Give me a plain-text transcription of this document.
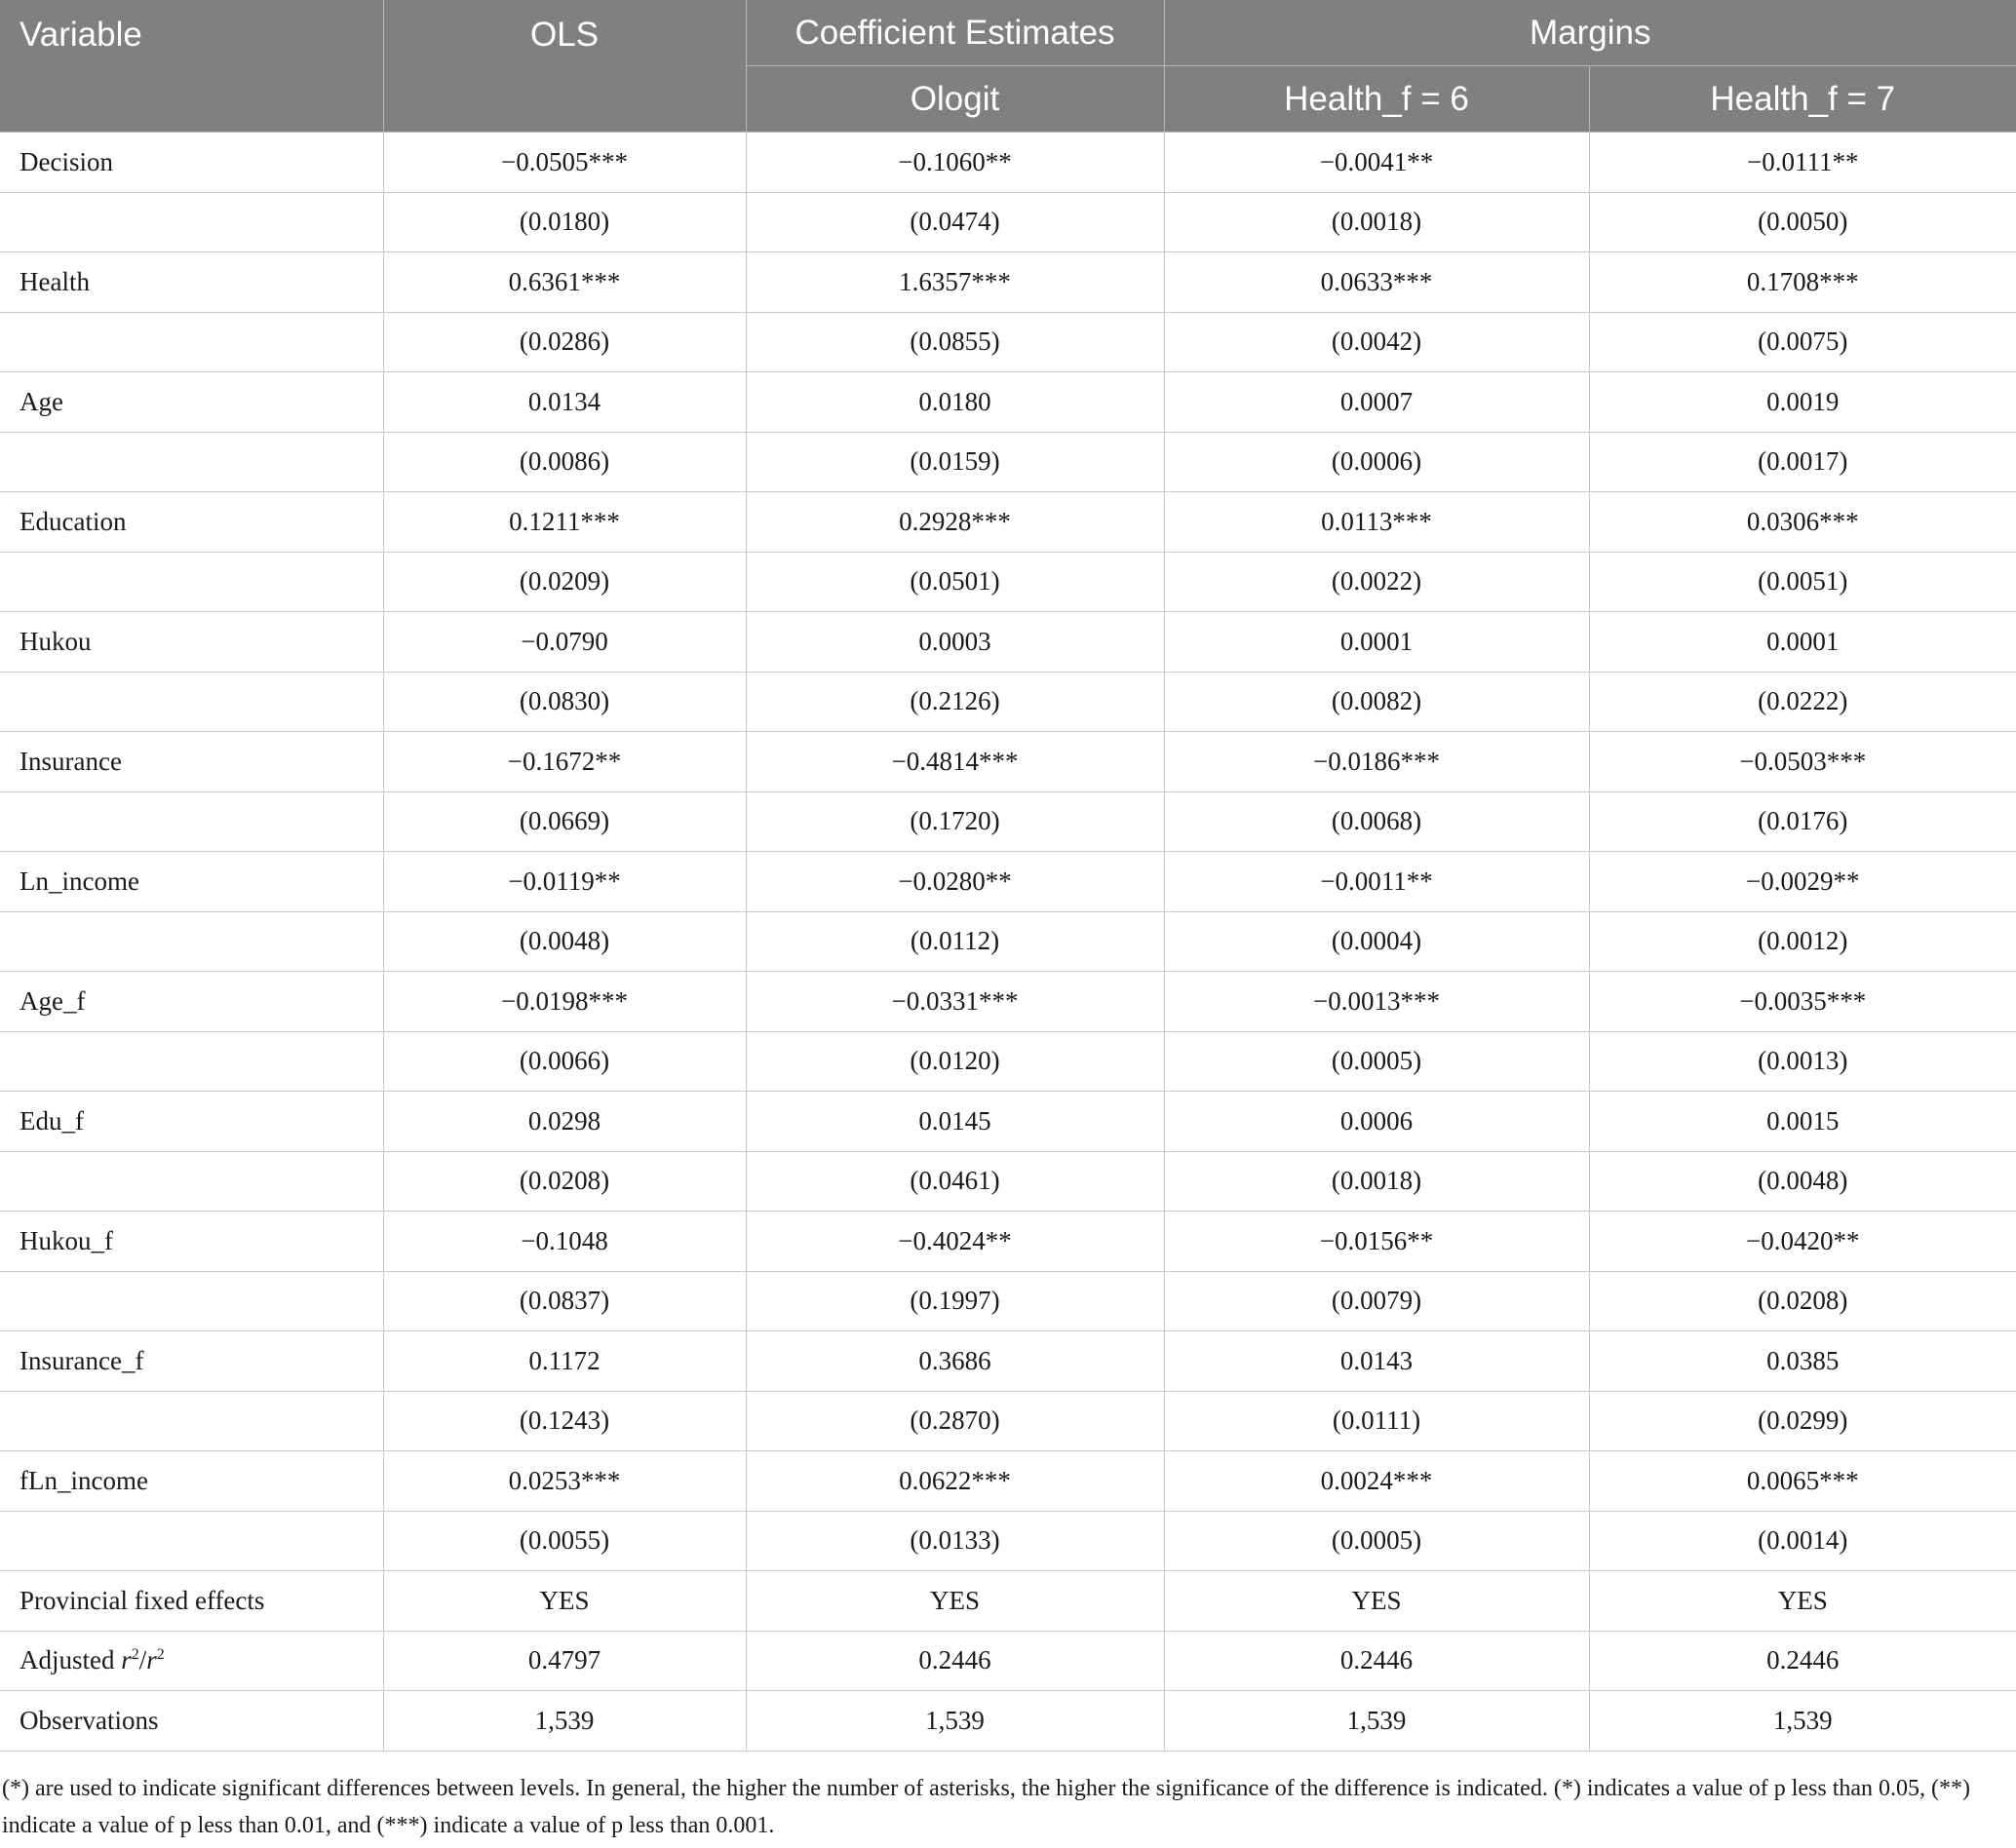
Variable	OLS	Coefficient Estimates	Margins	
		Ologit	Health_f = 6	Health_f = 7
Decision	−0.0505***	−0.1060**	−0.0041**	−0.0111**
	(0.0180)	(0.0474)	(0.0018)	(0.0050)
Health	0.6361***	1.6357***	0.0633***	0.1708***
	(0.0286)	(0.0855)	(0.0042)	(0.0075)
Age	0.0134	0.0180	0.0007	0.0019
	(0.0086)	(0.0159)	(0.0006)	(0.0017)
Education	0.1211***	0.2928***	0.0113***	0.0306***
	(0.0209)	(0.0501)	(0.0022)	(0.0051)
Hukou	−0.0790	0.0003	0.0001	0.0001
	(0.0830)	(0.2126)	(0.0082)	(0.0222)
Insurance	−0.1672**	−0.4814***	−0.0186***	−0.0503***
	(0.0669)	(0.1720)	(0.0068)	(0.0176)
Ln_income	−0.0119**	−0.0280**	−0.0011**	−0.0029**
	(0.0048)	(0.0112)	(0.0004)	(0.0012)
Age_f	−0.0198***	−0.0331***	−0.0013***	−0.0035***
	(0.0066)	(0.0120)	(0.0005)	(0.0013)
Edu_f	0.0298	0.0145	0.0006	0.0015
	(0.0208)	(0.0461)	(0.0018)	(0.0048)
Hukou_f	−0.1048	−0.4024**	−0.0156**	−0.0420**
	(0.0837)	(0.1997)	(0.0079)	(0.0208)
Insurance_f	0.1172	0.3686	0.0143	0.0385
	(0.1243)	(0.2870)	(0.0111)	(0.0299)
fLn_income	0.0253***	0.0622***	0.0024***	0.0065***
	(0.0055)	(0.0133)	(0.0005)	(0.0014)
Provincial fixed effects	YES	YES	YES	YES
Adjusted $r^2/r^2$	0.4797	0.2446	0.2446	0.2446
Observations	1,539	1,539	1,539	1,539

(*) are used to indicate significant differences between levels. In general, the higher the number of asterisks, the higher the significance of the difference is indicated. (*) indicates a value of p less than 0.05, (**) indicate a value of p less than 0.01, and (***) indicate a value of p less than 0.001.
